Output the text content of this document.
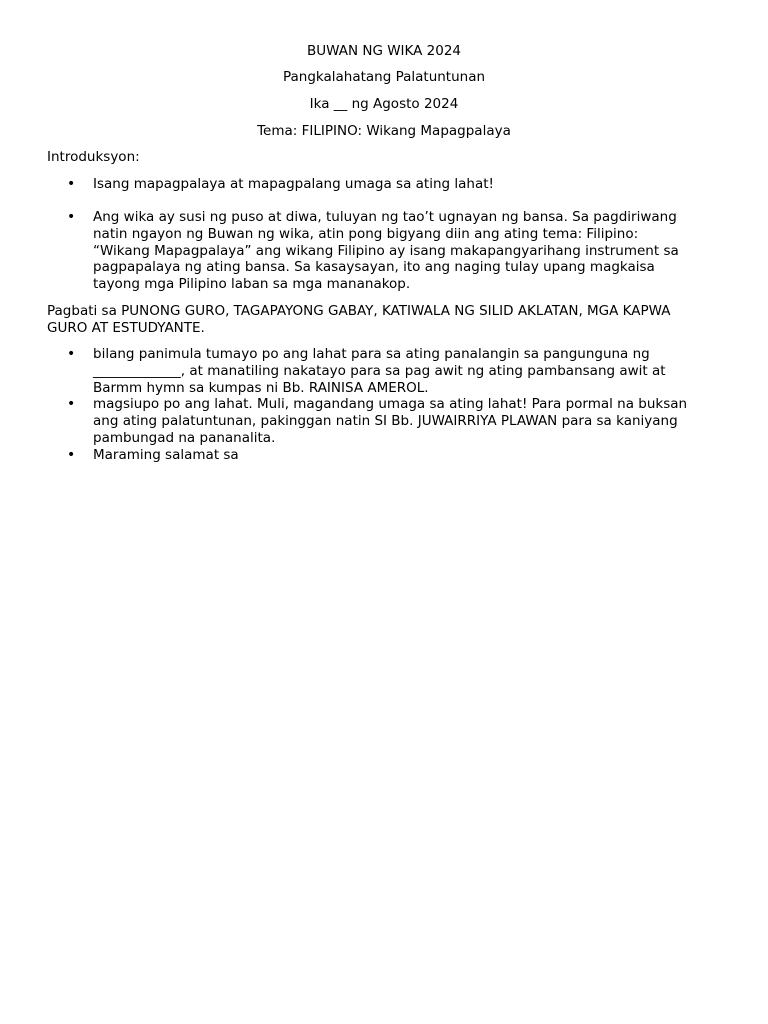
BUWAN NG WIKA 2024
Pangkalahatang Palatuntunan
Ika __ ng Agosto 2024
Tema: FILIPINO: Wikang Mapagpalaya
Introduksyon:
• Isang mapagpalaya at mapagpalang umaga sa ating lahat!
• Ang wika ay susi ng puso at diwa, tuluyan ng tao’t ugnayan ng bansa. Sa pagdiriwang
natin ngayon ng Buwan ng wika, atin pong bigyang diin ang ating tema: Filipino:
“Wikang Mapagpalaya” ang wikang Filipino ay isang makapangyarihang instrument sa
pagpapalaya ng ating bansa. Sa kasaysayan, ito ang naging tulay upang magkaisa
tayong mga Pilipino laban sa mga mananakop.
Pagbati sa PUNONG GURO, TAGAPAYONG GABAY, KATIWALA NG SILID AKLATAN, MGA KAPWA
GURO AT ESTUDYANTE.
• bilang panimula tumayo po ang lahat para sa ating panalangin sa pangunguna ng
_____________, at manatiling nakatayo para sa pag awit ng ating pambansang awit at
Barmm hymn sa kumpas ni Bb. RAINISA AMEROL.
• magsiupo po ang lahat. Muli, magandang umaga sa ating lahat! Para pormal na buksan
ang ating palatuntunan, pakinggan natin SI Bb. JUWAIRRIYA PLAWAN para sa kaniyang
pambungad na pananalita.
• Maraming salamat sa
